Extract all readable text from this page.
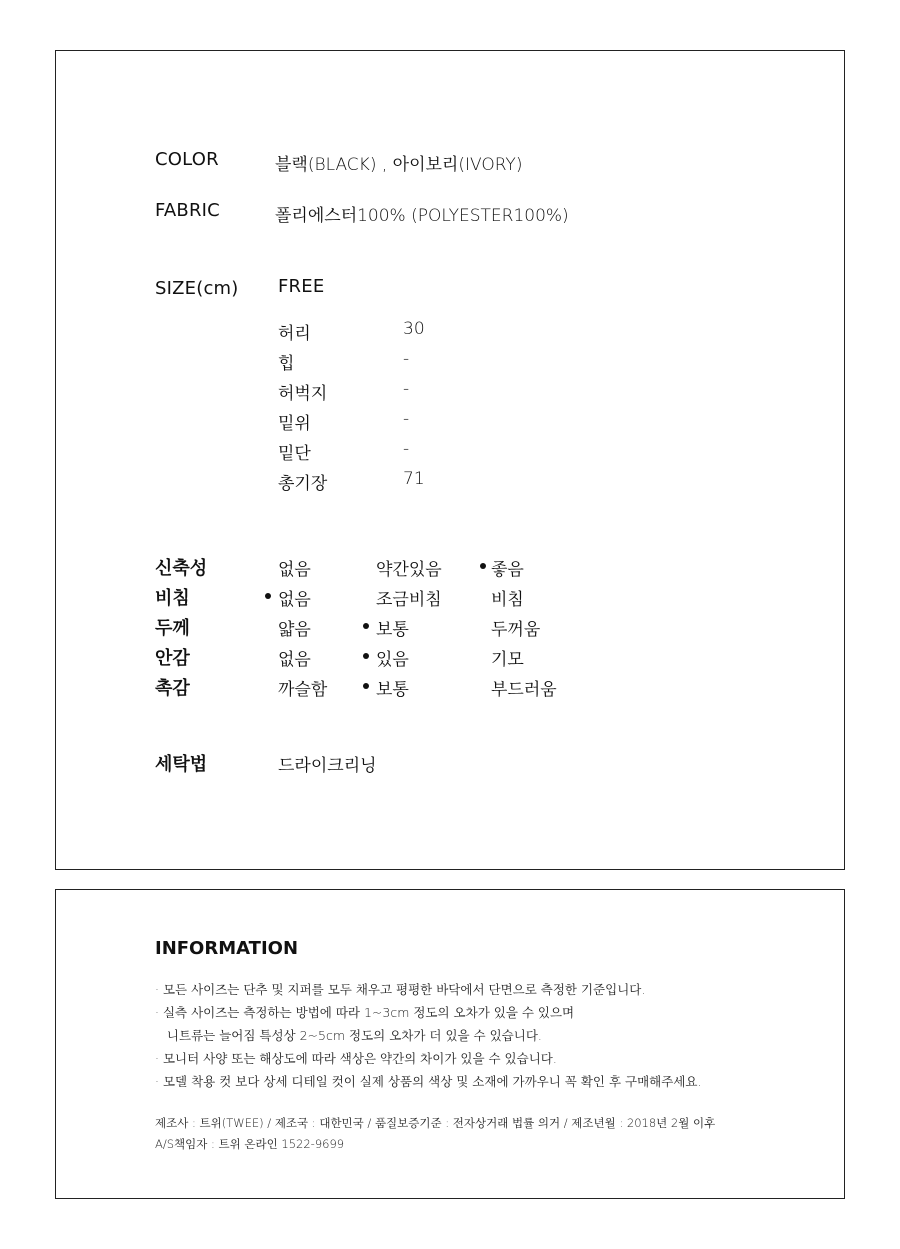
COLOR	블랙(BLACK) , 아이보리(IVORY)
FABRIC	폴리에스터100% (POLYESTER100%)
SIZE(cm) FREE
허리	30
힙	-
허벅지	-
밑위	-
밑단	-
총기장	71
신축성	없음	약간있음	좋음
비침	없음	조금비침	비침
두께	얇음	보통	두꺼움
안감	없음	있음	기모
촉감	까슬함	보통	부드러움
세탁법	드라이크리닝
INFORMATION
· 모든 사이즈는 단추 및 지퍼를 모두 채우고 평평한 바닥에서 단면으로 측정한 기준입니다.
· 실측 사이즈는 측정하는 방법에 따라 1~3cm 정도의 오차가 있을 수 있으며
니트류는 늘어짐 특성상 2~5cm 정도의 오차가 더 있을 수 있습니다.
· 모니터 사양 또는 해상도에 따라 색상은 약간의 차이가 있을 수 있습니다.
· 모델 착용 컷 보다 상세 디테일 컷이 실제 상품의 색상 및 소재에 가까우니 꼭 확인 후 구매해주세요.
제조사 : 트위(TWEE) / 제조국 : 대한민국 / 품질보증기준 : 전자상거래 법률 의거 / 제조년월 : 2018년 2월 이후
A/S책임자 : 트위 온라인 1522-9699
